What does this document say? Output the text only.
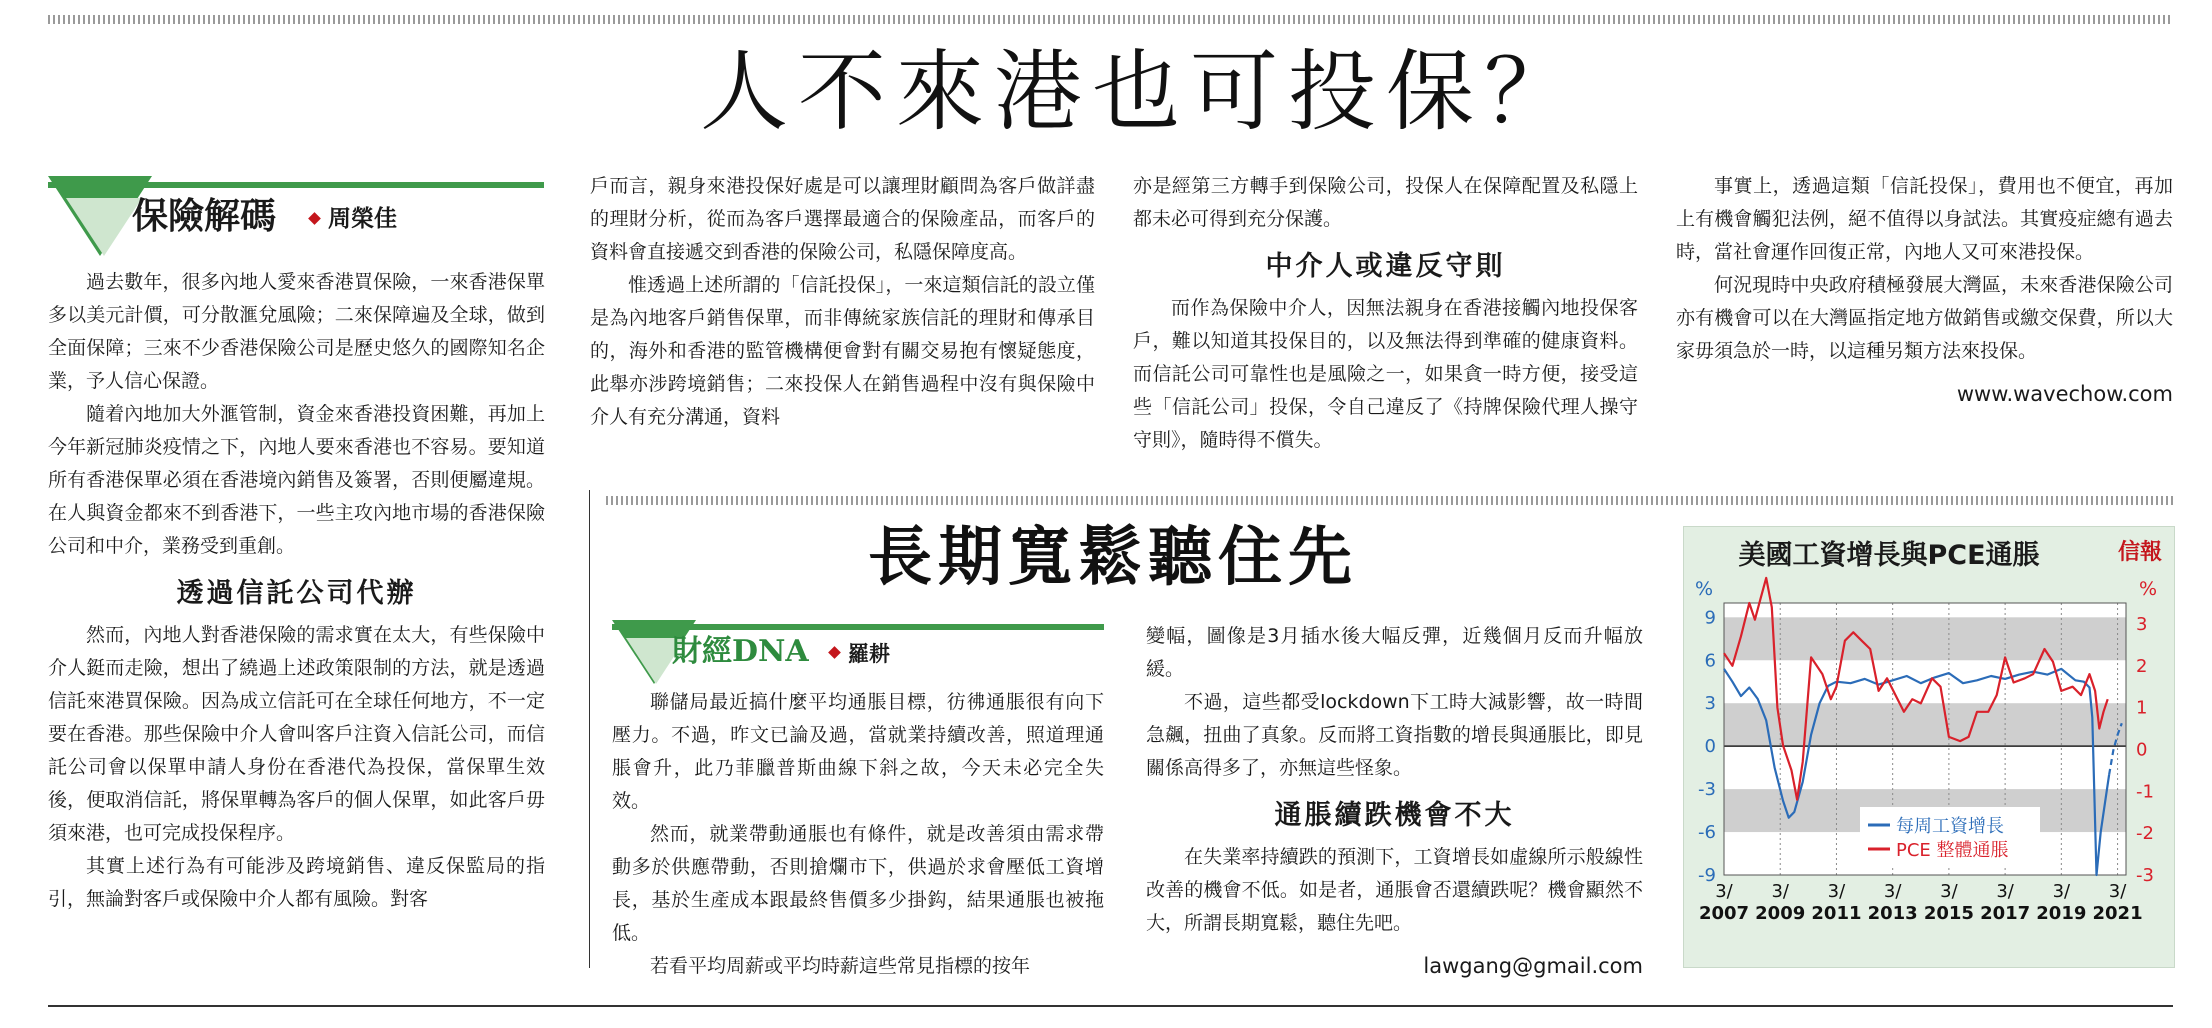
人不來港也可投保？
保險解碼 周榮佳

過去數年，很多內地人愛來香港買保險，一來香港保單多以美元計價，可分散滙兌風險；二來保障遍及全球，做到全面保障；三來不少香港保險公司是歷史悠久的國際知名企業，予人信心保證。

隨着內地加大外滙管制，資金來香港投資困難，再加上今年新冠肺炎疫情之下，內地人要來香港也不容易。要知道所有香港保單必須在香港境內銷售及簽署，否則便屬違規。在人與資金都來不到香港下，一些主攻內地市場的香港保險公司和中介，業務受到重創。

透過信託公司代辦

然而，內地人對香港保險的需求實在太大，有些保險中介人鋌而走險，想出了繞過上述政策限制的方法，就是透過信託來港買保險。因為成立信託可在全球任何地方，不一定要在香港。那些保險中介人會叫客戶注資入信託公司，而信託公司會以保單申請人身份在香港代為投保，當保單生效後，便取消信託，將保單轉為客戶的個人保單，如此客戶毋須來港，也可完成投保程序。

其實上述行為有可能涉及跨境銷售、違反保監局的指引，無論對客戶或保險中介人都有風險。對客

戶而言，親身來港投保好處是可以讓理財顧問為客戶做詳盡的理財分析，從而為客戶選擇最適合的保險產品，而客戶的資料會直接遞交到香港的保險公司，私隱保障度高。

惟透過上述所謂的「信託投保」，一來這類信託的設立僅是為內地客戶銷售保單，而非傳統家族信託的理財和傳承目的，海外和香港的監管機構便會對有關交易抱有懷疑態度，此舉亦涉跨境銷售；二來投保人在銷售過程中沒有與保險中介人有充分溝通，資料

亦是經第三方轉手到保險公司，投保人在保障配置及私隱上都未必可得到充分保護。

中介人或違反守則

而作為保險中介人，因無法親身在香港接觸內地投保客戶，難以知道其投保目的，以及無法得到準確的健康資料。而信託公司可靠性也是風險之一，如果貪一時方便，接受這些「信託公司」投保，令自己違反了《持牌保險代理人操守守則》，隨時得不償失。

事實上，透過這類「信託投保」，費用也不便宜，再加上有機會觸犯法例，絕不值得以身試法。其實疫症總有過去時，當社會運作回復正常，內地人又可來港投保。

何況現時中央政府積極發展大灣區，未來香港保險公司亦有機會可以在大灣區指定地方做銷售或繳交保費，所以大家毋須急於一時，以這種另類方法來投保。

www.wavechow.com

長期寬鬆聽住先
財經DNA 羅耕

聯儲局最近搞什麼平均通脹目標，彷彿通脹很有向下壓力。不過，昨文已論及過，當就業持續改善，照道理通脹會升，此乃菲臘普斯曲線下斜之故，今天未必完全失效。

然而，就業帶動通脹也有條件，就是改善須由需求帶動多於供應帶動，否則搶爛市下，供過於求會壓低工資增長，基於生產成本跟最終售價多少掛鈎，結果通脹也被拖低。

若看平均周薪或平均時薪這些常見指標的按年

變幅，圖像是3月插水後大幅反彈，近幾個月反而升幅放緩。

不過，這些都受lockdown下工時大減影響，故一時間急飆，扭曲了真象。反而將工資指數的增長與通脹比，即見關係高得多了，亦無這些怪象。

通脹續跌機會不大

在失業率持續跌的預測下，工資增長如虛線所示般線性改善的機會不低。如是者，通脹會否還續跌呢？機會顯然不大，所謂長期寬鬆，聽住先吧。

lawgang@gmail.com

美國工資增長與PCE通脹	信報
%	%
9
6
3
0
-3
-6
-9
3
2
1
0
-1
-2
-3
3/
2007
3/
2009
3/
2011
3/
2013
3/
2015
3/
2017
3/
2019
3/
2021
每周工資增長
PCE 整體通脹
